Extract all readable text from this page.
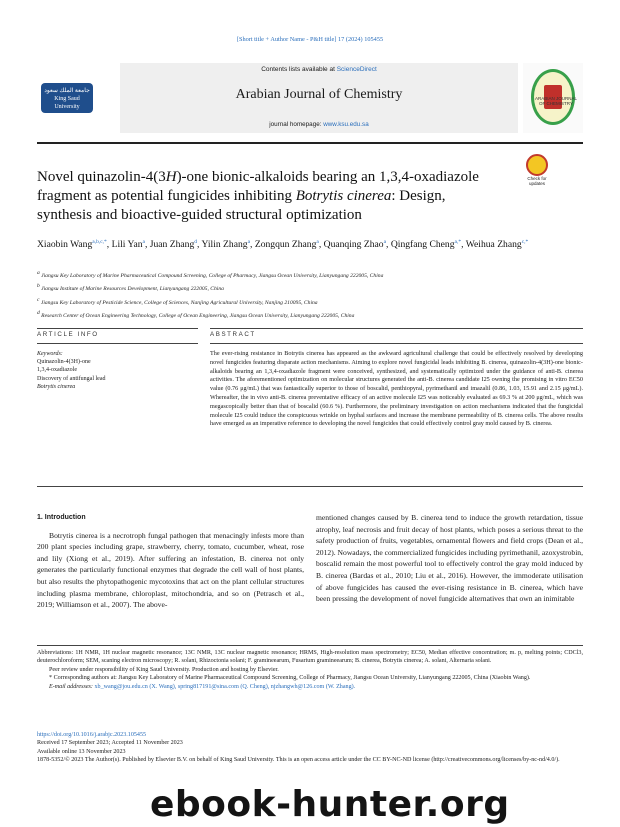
[Short title + Author Name - P&H title] 17 (2024) 105455
جامعة الملك سعود King Saud University
Contents lists available at ScienceDirect
Arabian Journal of Chemistry
journal homepage: www.ksu.edu.sa
ARABIAN JOURNAL OF CHEMISTRY
Novel quinazolin-4(3H)-one bionic-alkaloids bearing an 1,3,4-oxadiazole
fragment as potential fungicides inhibiting Botrytis cinerea: Design,
synthesis and bioactive-guided structural optimization
Check for updates
Xiaobin Wang$^{a,b,c,*}$, Lili Yan$^a$, Juan Zhang$^d$, Yilin Zhang$^a$, Zongqun Zhang$^a$, Quanqing Zhao$^a$, Qingfang Cheng$^{a,*}$, Weihua Zhang$^{c,*}$
$^a$ Jiangsu Key Laboratory of Marine Pharmaceutical Compound Screening, College of Pharmacy, Jiangsu Ocean University, Lianyungang 222005, China
$^b$ Jiangsu Institute of Marine Resources Development, Lianyungang 222005, China
$^c$ Jiangsu Key Laboratory of Pesticide Science, College of Sciences, Nanjing Agricultural University, Nanjing 210095, China
$^d$ Research Center of Ocean Engineering Technology, College of Ocean Engineering, Jiangsu Ocean University, Lianyungang 222005, China
ARTICLE INFO	ABSTRACT
Keywords:
Quinazolin-4(3H)-one
1,3,4-oxadiazole
Discovery of antifungal lead
Botrytis cinerea
The ever-rising resistance in Botrytis cinerea has appeared as the awkward agricultural challenge that could be effectively resolved by developing novel fungicides featuring disparate action mechanisms. Aiming to explore novel fungicidal leads inhibiting B. cinerea, quinazolin-4(3H)-one bionic-alkaloids bearing an 1,3,4-oxadiazole fragment were conceived, synthesized, and systematically optimized under the guidance of anti-B. cinerea activities. The aforementioned optimization on molecular structures generated the anti-B. cinerea candidate I25 owning the promising in vitro EC50 value (0.76 μg/mL) that was fantastically superior to those of boscalid, penthiopyral, pyrimethanil and imazalil (0.86, 1.03, 15.91 and 2.15 μg/mL). Whereafter, the in vivo anti-B. cinerea preventative efficacy of an active molecule I25 was noticeably evaluated as 69.3 % at 200 μg/mL, which was megascopically better than that of boscalid (60.6 %). Furthermore, the preliminary investigation on action mechanisms indicated that the fungicidal molecule I25 could induce the conspicuous wrinkle on hyphal surfaces and increase the membrane permeability of B. cinerea cells. The above results have emerged as an imperative reference to developing the novel fungicides that could effectively control gray mold caused by B. cinerea.
1. Introduction

Botrytis cinerea is a necrotroph fungal pathogen that menacingly infests more than 200 plant species including grape, strawberry, cherry, tomato, cucumber, wheat, rose and lily (Xiong et al., 2019). After suffering an infestation, B. cinerea not only generates the particularly functional enzymes that degrade the cell wall of host plants, but also results the phytopathogenic mycotoxins that act on the plant cellular structures including plasma membrane, chloroplast, mitochondria, and so on (Petrasch et al., 2019; Williamson et al., 2007). The above-

mentioned changes caused by B. cinerea tend to induce the growth retardation, tissue atrophy, leaf necrosis and fruit decay of host plants, which poses a serious threat to the safety production of fruits, vegetables, ornamental flowers and field crops (Dean et al., 2012). Nowadays, the commercialized fungicides including pyrimethanil, azoxystrobin, boscalid remain the most powerful tool to effectively control the gray mold induced by B. cinerea (Bardas et al., 2010; Liu et al., 2016). However, the immoderate utilisation of above fungicides has caused the ever-rising resistance in B. cinerea, which have been pressing the development of novel fungicide alternatives that own an inimitable

Abbreviations: 1H NMR, 1H nuclear magnetic resonance; 13C NMR, 13C nuclear magnetic resonance; HRMS, High-resolution mass spectrometry; EC50, Median effective concentration; m. p, melting points; CDCl3, deuterochloroform; SEM, scaning electron microscopy; R. solani, Rhizoctonia solani; F. gramineearum, Fusarium gramineearum; B. cinerea, Botrytis cinerea; A. solani, Alternaria solani.

Peer review under responsibility of King Saud University. Production and hosting by Elsevier.

* Corresponding authors at: Jiangsu Key Laboratory of Marine Pharmaceutical Compound Screening, College of Pharmacy, Jiangsu Ocean University, Lianyungang 222005, China (Xiaobin Wang).

E-mail addresses: xb_wang@jou.edu.cn (X. Wang), spring817191@sina.com (Q. Cheng), njzhangwh@126.com (W. Zhang).

https://doi.org/10.1016/j.arabjc.2023.105455
Received 17 September 2023; Accepted 11 November 2023
Available online 13 November 2023
1878-5352/© 2023 The Author(s). Published by Elsevier B.V. on behalf of King Saud University. This is an open access article under the CC BY-NC-ND license (http://creativecommons.org/licenses/by-nc-nd/4.0/).
ebook-hunter.org
